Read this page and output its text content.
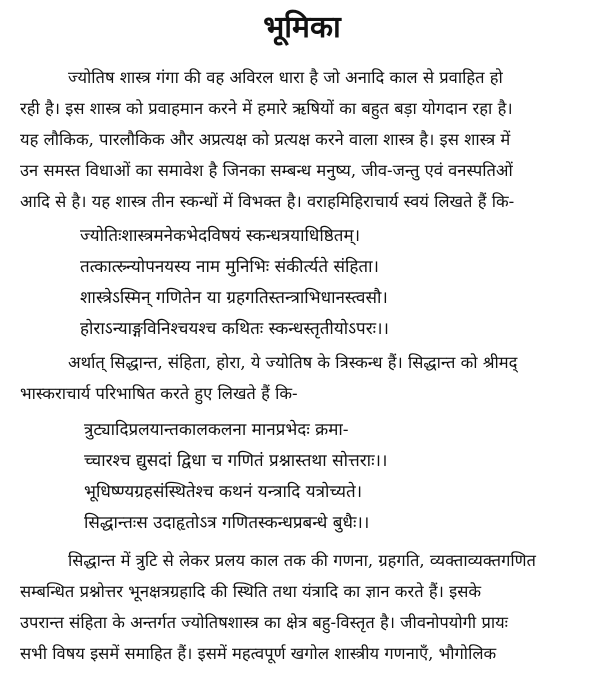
भूमिका
ज्योतिष शास्त्र गंगा की वह अविरल धारा है जो अनादि काल से प्रवाहित हो
रही है। इस शास्त्र को प्रवाहमान करने में हमारे ऋषियों का बहुत बड़ा योगदान रहा है।
यह लौकिक, पारलौकिक और अप्रत्यक्ष को प्रत्यक्ष करने वाला शास्त्र है। इस शास्त्र में
उन समस्त विधाओं का समावेश है जिनका सम्बन्ध मनुष्य, जीव-जन्तु एवं वनस्पतिओं
आदि से है। यह शास्त्र तीन स्कन्धों में विभक्त है। वराहमिहिराचार्य स्वयं लिखते हैं कि-
ज्योतिःशास्त्रमनेकभेदविषयं स्कन्धत्रयाधिष्ठितम्।
तत्कात्स्र्न्योपनयस्य नाम मुनिभिः संकीर्त्यते संहिता।
शास्त्रेऽस्मिन् गणितेन या ग्रहगतिस्तन्त्राभिधानस्त्वसौ।
होराऽन्याङ्गविनिश्चयश्च कथितः स्कन्धस्तृतीयोऽपरः।।
अर्थात् सिद्धान्त, संहिता, होरा, ये ज्योतिष के त्रिस्कन्ध हैं। सिद्धान्त को श्रीमद्
भास्कराचार्य परिभाषित करते हुए लिखते हैं कि-
त्रुट्यादिप्रलयान्तकालकलना मानप्रभेदः क्रमा-
च्चारश्च द्युसदां द्विधा च गणितं प्रश्नास्तथा सोत्तराः।।
भूधिष्ण्यग्रहसंस्थितेश्च कथनं यन्त्रादि यत्रोच्यते।
सिद्धान्तःस उदाहृतोऽत्र गणितस्कन्धप्रबन्धे बुधैः।।
सिद्धान्त में त्रुटि से लेकर प्रलय काल तक की गणना, ग्रहगति, व्यक्ताव्यक्तगणित
सम्बन्धित प्रश्नोत्तर भूनक्षत्रग्रहादि की स्थिति तथा यंत्रादि का ज्ञान करते हैं। इसके
उपरान्त संहिता के अन्तर्गत ज्योतिषशास्त्र का क्षेत्र बहु-विस्तृत है। जीवनोपयोगी प्रायः
सभी विषय इसमें समाहित हैं। इसमें महत्वपूर्ण खगोल शास्त्रीय गणनाएँ, भौगोलिक
